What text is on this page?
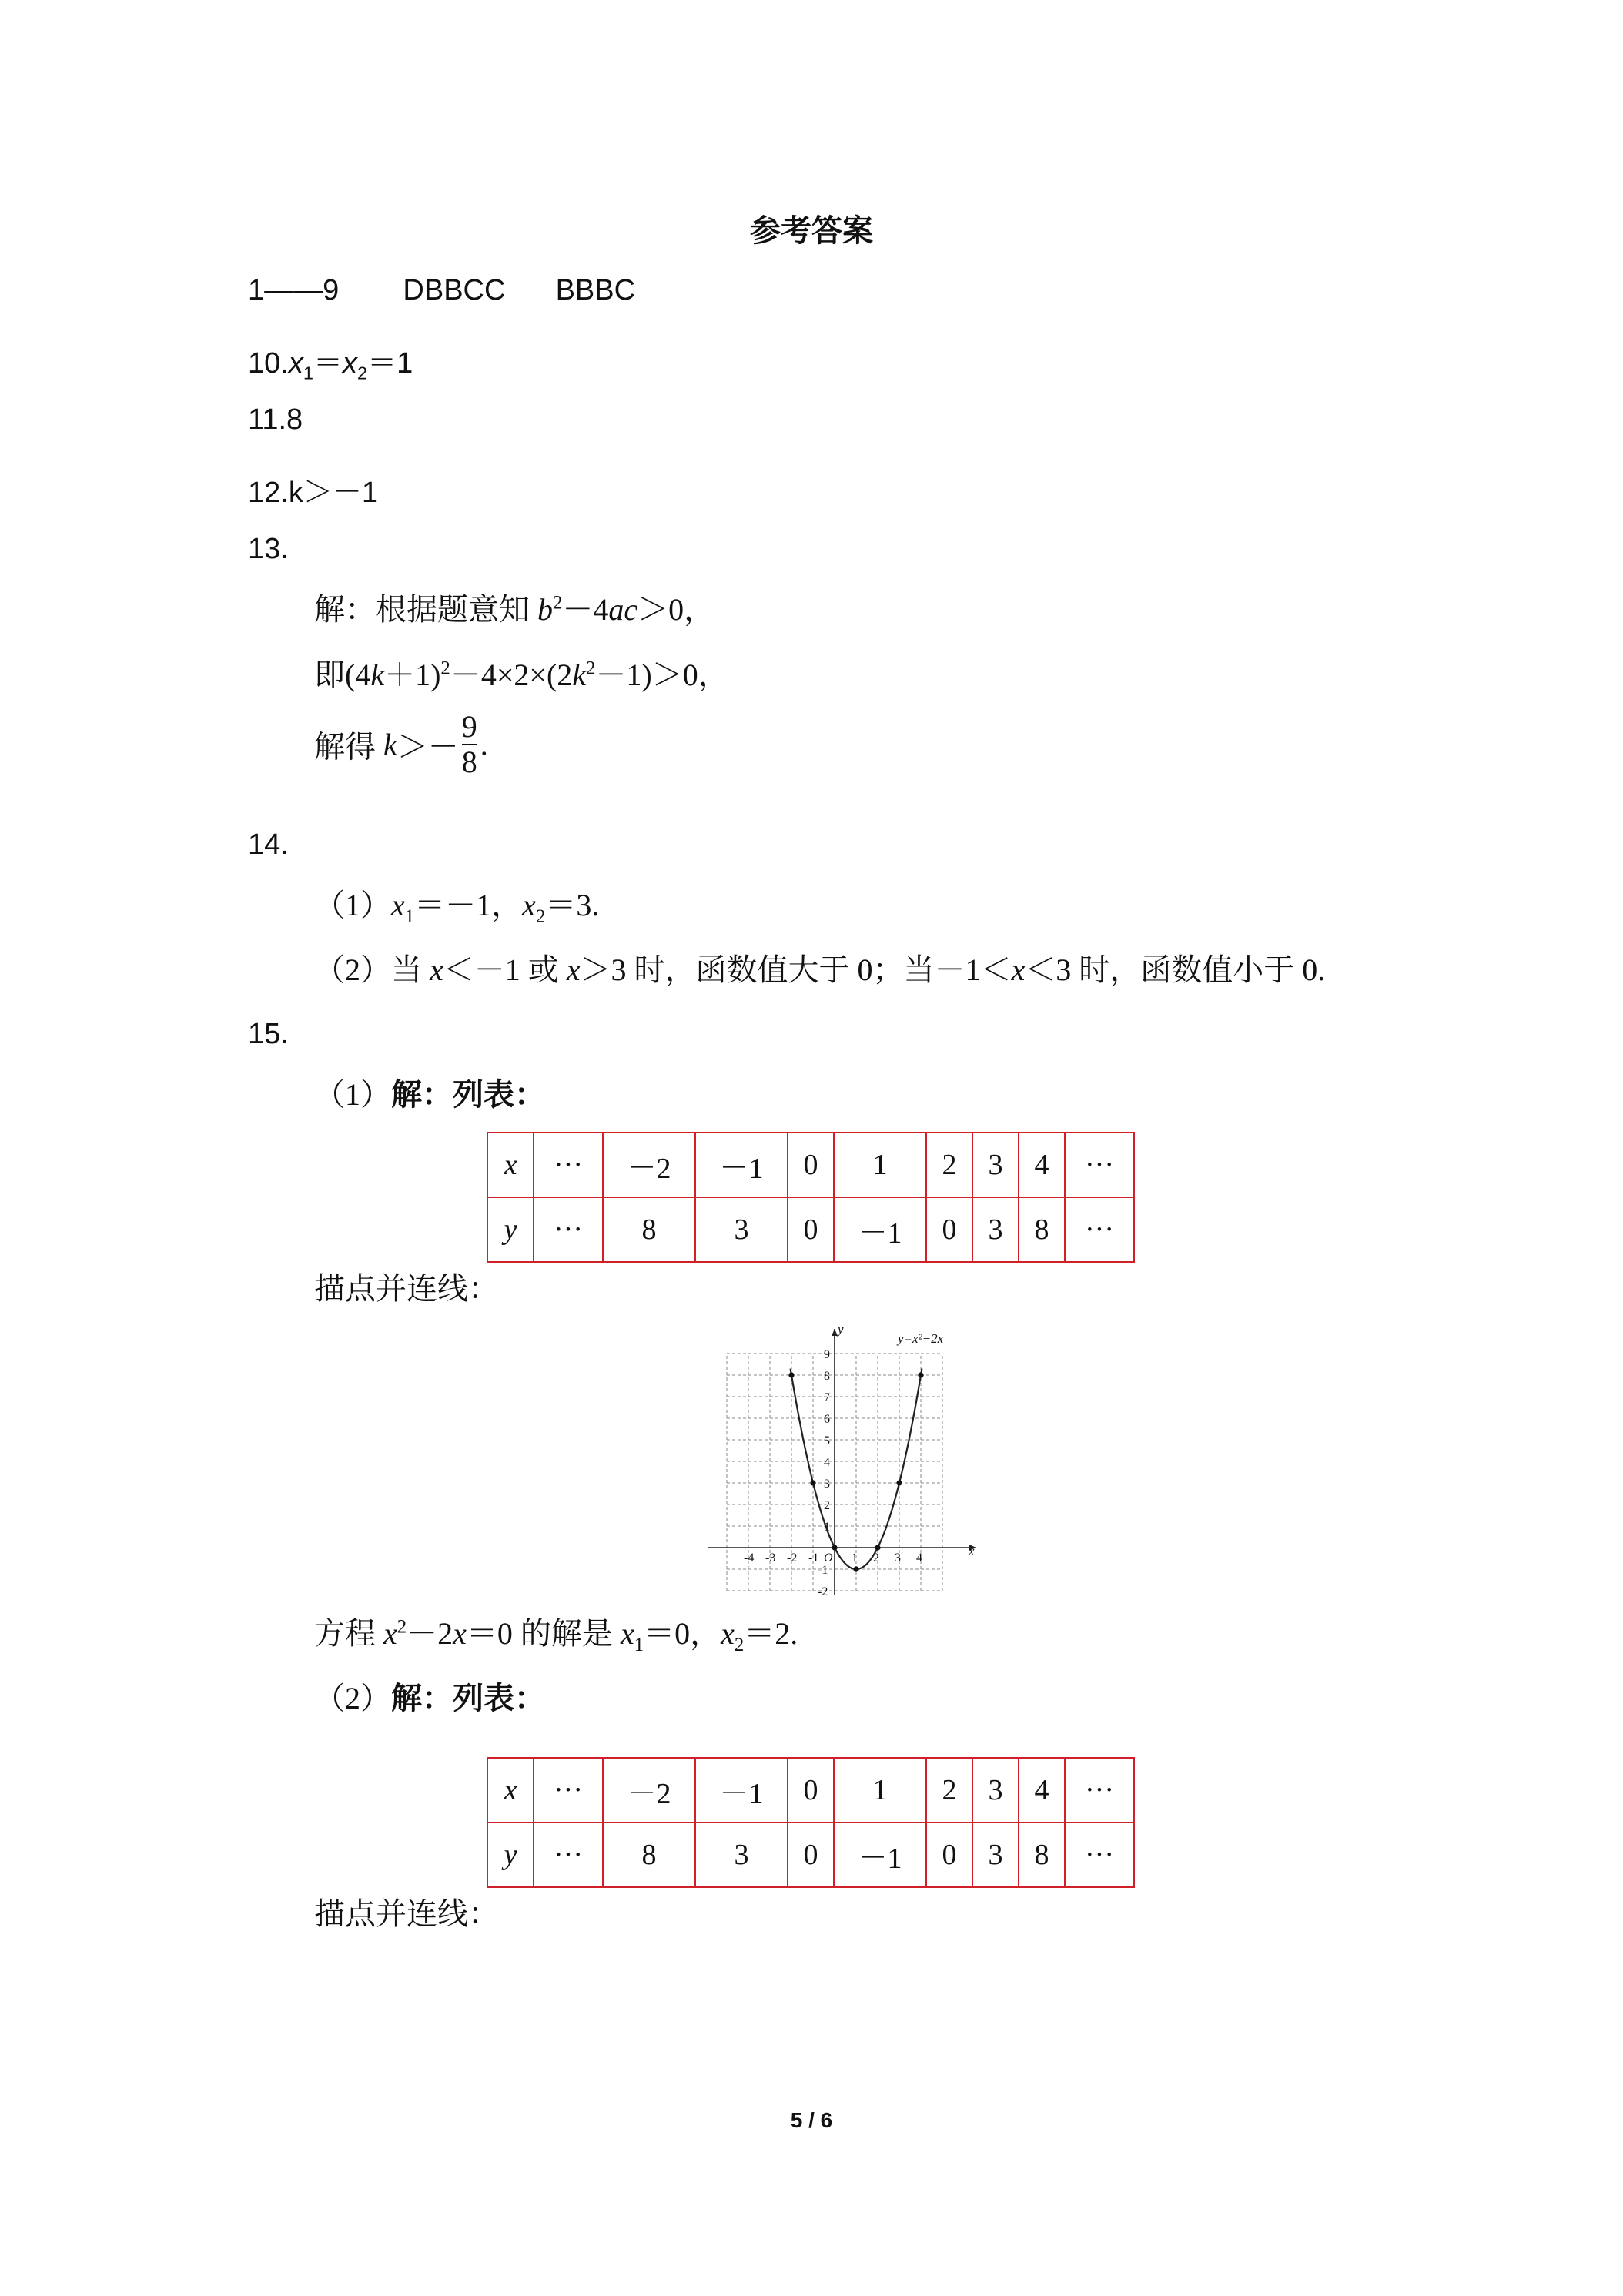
参考答案
1——9 DBBCC BBBC
$10.x_1=x_2=1$
11.8
12.k＞－1
13.
解：根据题意知 $b^2-4ac>0$，
即$(4k+1)^2-4\times 2\times(2k^2-1)>0$，
解得 $k>- \frac{9}{8}$ .
14.
$(1)x_1=-1$，$x_2=3$.
（2）当 x＜－1 或 x＞3 时，函数值大于 0；当－1＜x＜3 时，函数值小于 0.
15.
（1）解：列表：
x	···	－2	－1	0	1	2	3	4	···
y	···	8	3	0	－1	0	3	8	···
描点并连线：
-4 -3 -2 -1 O 1 2 3 4
-2
-1
1
2
3
4
5
6
7
8
9
y=x²−2x
y
x
方程 $x^2-2x=0$ 的解是 $x_1=0$，$x_2=2$.
（2）解：列表：
x	···	－2	－1	0	1	2	3	4	···
y	···	8	3	0	－1	0	3	8	···
描点并连线：
5 / 6
